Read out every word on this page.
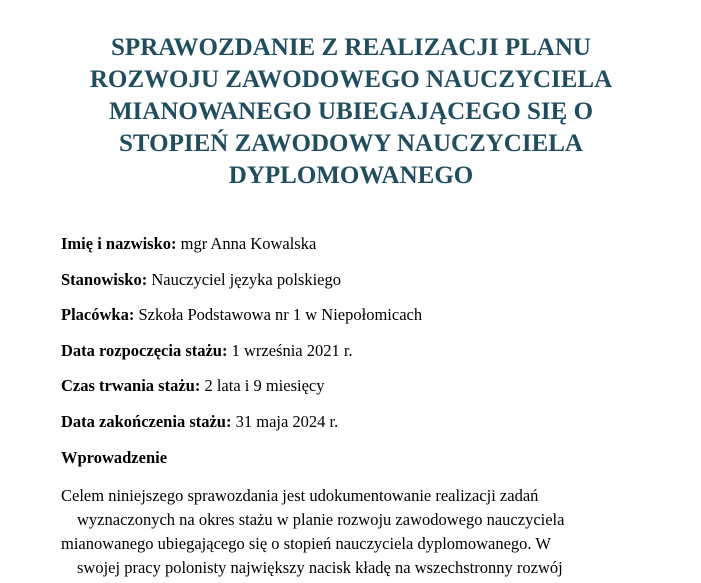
SPRAWOZDANIE Z REALIZACJI PLANU
ROZWOJU ZAWODOWEGO NAUCZYCIELA
MIANOWANEGO UBIEGAJĄCEGO SIĘ O
STOPIEŃ ZAWODOWY NAUCZYCIELA
DYPLOMOWANEGO

Imię i nazwisko: mgr Anna Kowalska

Stanowisko: Nauczyciel języka polskiego

Placówka: Szkoła Podstawowa nr 1 w Niepołomicach

Data rozpoczęcia stażu: 1 września 2021 r.

Czas trwania stażu: 2 lata i 9 miesięcy

Data zakończenia stażu: 31 maja 2024 r.

Wprowadzenie

Celem niniejszego sprawozdania jest udokumentowanie realizacji zadań
wyznaczonych na okres stażu w planie rozwoju zawodowego nauczyciela
mianowanego ubiegającego się o stopień nauczyciela dyplomowanego. W
swojej pracy polonisty największy nacisk kładę na wszechstronny rozwój
